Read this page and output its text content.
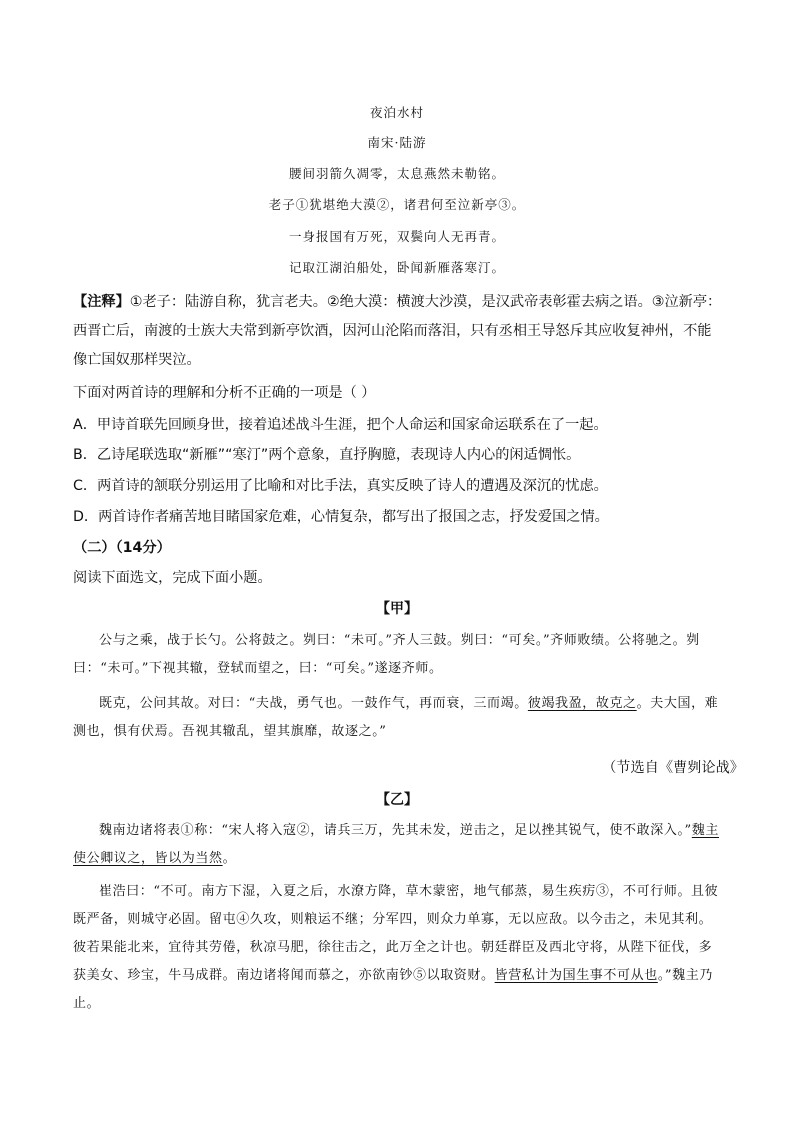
夜泊水村
南宋·陆游
腰间羽箭久凋零，太息燕然未勒铭。
老子①犹堪绝大漠②，诸君何至泣新亭③。
一身报国有万死，双鬓向人无再青。
记取江湖泊船处，卧闻新雁落寒汀。
【注释】①老子：陆游自称，犹言老夫。②绝大漠：横渡大沙漠，是汉武帝表彰霍去病之语。③泣新亭：西晋亡后，南渡的士族大夫常到新亭饮酒，因河山沦陷而落泪，只有丞相王导怒斥其应收复神州，不能像亡国奴那样哭泣。
下面对两首诗的理解和分析不正确的一项是（ ）
A．甲诗首联先回顾身世，接着追述战斗生涯，把个人命运和国家命运联系在了一起。
B．乙诗尾联选取“新雁”“寒汀”两个意象，直抒胸臆，表现诗人内心的闲适惆怅。
C．两首诗的颔联分别运用了比喻和对比手法，真实反映了诗人的遭遇及深沉的忧虑。
D．两首诗作者痛苦地目睹国家危难，心情复杂，都写出了报国之志，抒发爱国之情。
（二）（14分）
阅读下面选文，完成下面小题。
【甲】
公与之乘，战于长勺。公将鼓之。刿曰：“未可。”齐人三鼓。刿曰：“可矣。”齐师败绩。公将驰之。刿曰：“未可。”下视其辙，登轼而望之，曰：“可矣。”遂逐齐师。
既克，公问其故。对曰：“夫战，勇气也。一鼓作气，再而衰，三而竭。彼竭我盈，故克之。夫大国，难测也，惧有伏焉。吾视其辙乱，望其旗靡，故逐之。”
（节选自《曹刿论战》
【乙】
魏南边诸将表①称：“宋人将入寇②，请兵三万，先其未发，逆击之，足以挫其锐气，使不敢深入。”魏主使公卿议之，皆以为当然。
崔浩曰：“不可。南方下湿，入夏之后，水潦方降，草木蒙密，地气郁蒸，易生疾疠③，不可行师。且彼既严备，则城守必固。留屯④久攻，则粮运不继；分军四，则众力单寡，无以应敌。以今击之，未见其利。彼若果能北来，宜待其劳倦，秋凉马肥，徐往击之，此万全之计也。朝廷群臣及西北守将，从陛下征伐，多获美女、珍宝，牛马成群。南边诸将闻而慕之，亦欲南钞⑤以取资财。皆营私计为国生事不可从也。”魏主乃止。
